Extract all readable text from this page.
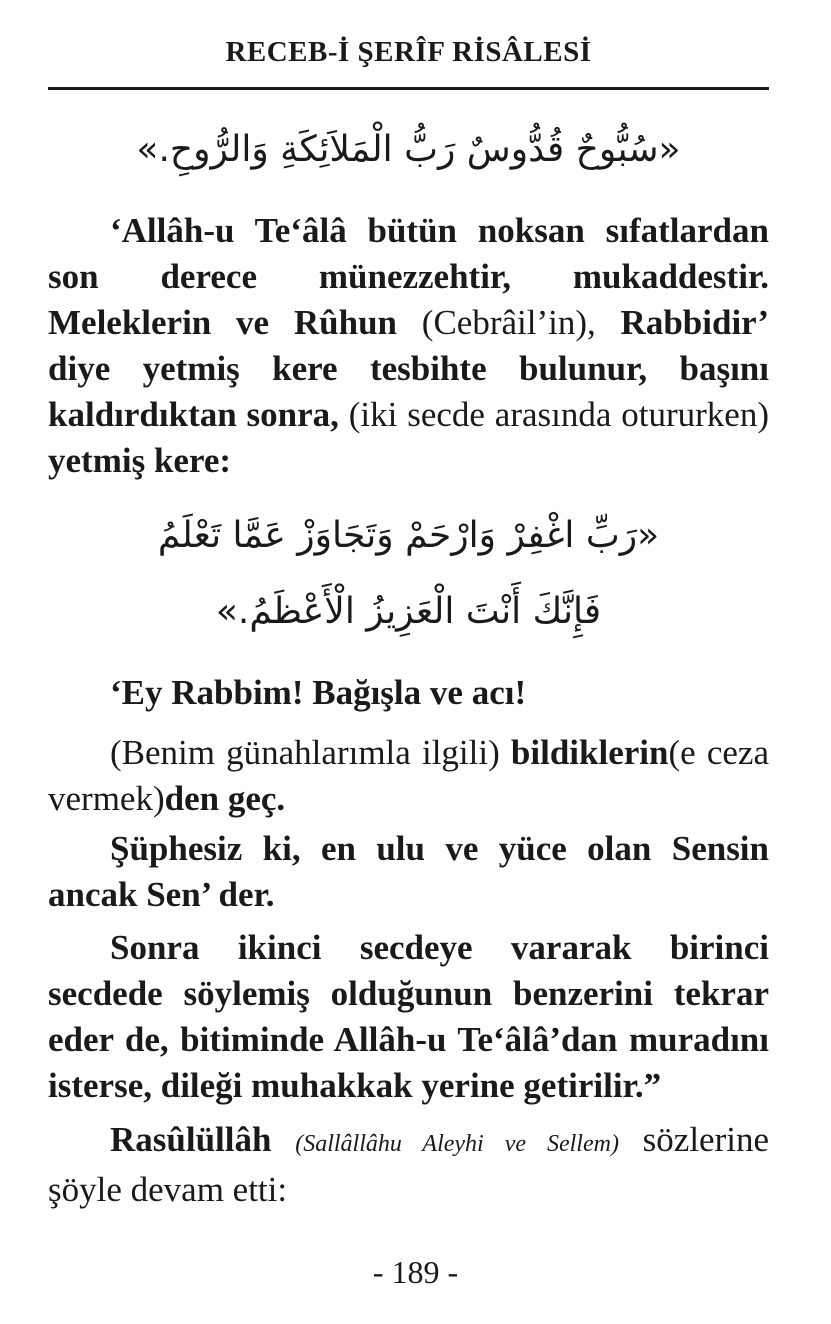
RECEB-İ ŞERÎF RİSÂLESİ
«سُبُّوحٌ قُدُّوسٌ رَبُّ الْمَلاَئِكَةِ وَالرُّوحِ.»

‘Allâh-u Te‘âlâ bütün noksan sıfatlardan son derece münezzehtir, mukaddestir. Meleklerin ve Rûhun (Cebrâil’in), Rabbidir’ diye yetmiş kere tesbihte bulunur, başını kaldırdıktan sonra, (iki secde arasında otururken) yetmiş kere:

«رَبِّ اغْفِرْ وَارْحَمْ وَتَجَاوَزْ عَمَّا تَعْلَمُ
فَإِنَّكَ أَنْتَ الْعَزِيزُ الْأَعْظَمُ.»

‘Ey Rabbim! Bağışla ve acı!

(Benim günahlarımla ilgili) bildiklerin(e ceza vermek)den geç.

Şüphesiz ki, en ulu ve yüce olan Sensin ancak Sen’ der.

Sonra ikinci secdeye vararak birinci secdede söylemiş olduğunun benzerini tekrar eder de, bitiminde Allâh-u Te‘âlâ’dan muradını isterse, dileği muhakkak yerine getirilir.”

Rasûlüllâh (Sallâllâhu Aleyhi ve Sellem) sözlerine şöyle devam etti:

- 189 -
